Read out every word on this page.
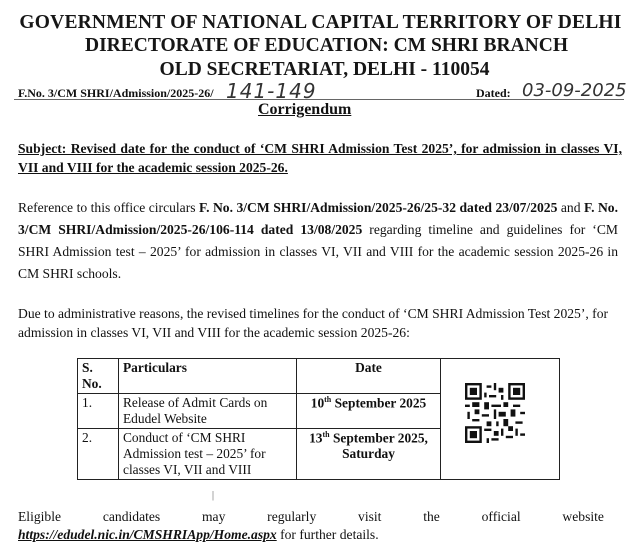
GOVERNMENT OF NATIONAL CAPITAL TERRITORY OF DELHI
DIRECTORATE OF EDUCATION: CM SHRI BRANCH
OLD SECRETARIAT, DELHI - 110054
F.No. 3/CM SHRI/Admission/2025-26/ 141-149	Dated: 03-09-2025
Corrigendum
Subject: Revised date for the conduct of ‘CM SHRI Admission Test 2025’, for admission in classes VI, VII and VIII for the academic session 2025-26.
Reference to this office circulars F. No. 3/CM SHRI/Admission/2025-26/25-32 dated 23/07/2025 and F. No. 3/CM SHRI/Admission/2025-26/106-114 dated 13/08/2025 regarding timeline and guidelines for ‘CM SHRI Admission test – 2025’ for admission in classes VI, VII and VIII for the academic session 2025-26 in CM SHRI schools.
Due to administrative reasons, the revised timelines for the conduct of ‘CM SHRI Admission Test 2025’, for admission in classes VI, VII and VIII for the academic session 2025-26:
S. No.	Particulars	Date	

1.	Release of Admit Cards on Edudel Website	10th September 2025	
2.	Conduct of ‘CM SHRI Admission test – 2025’ for classes VI, VII and VIII	13th September 2025, Saturday	
|
Eligible	candidates	may	regularly	visit	the	official	website
https://edudel.nic.in/CMSHRIApp/Home.aspx for further details.
